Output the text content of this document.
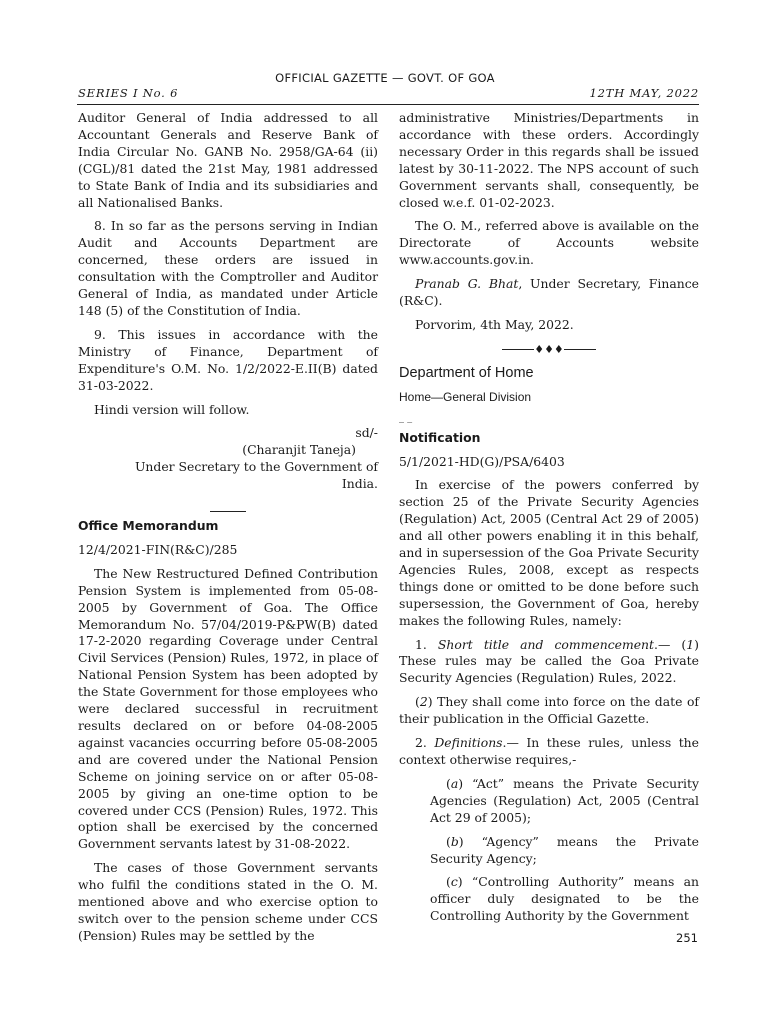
OFFICIAL GAZETTE — GOVT. OF GOA
SERIES I No. 6	12TH MAY, 2022

Auditor General of India addressed to all Accountant Generals and Reserve Bank of India Circular No. GANB No. 2958/GA-64 (ii) (CGL)/81 dated the 21st May, 1981 addressed to State Bank of India and its subsidiaries and all Nationalised Banks.

8. In so far as the persons serving in Indian Audit and Accounts Department are concerned, these orders are issued in consultation with the Comptroller and Auditor General of India, as mandated under Article 148 (5) of the Constitution of India.

9. This issues in accordance with the Ministry of Finance, Department of Expenditure's O.M. No. 1/2/2022-E.II(B) dated 31-03-2022.

Hindi version will follow.

sd/-

(Charanjit Taneja)

Under Secretary to the Government of India.

Office Memorandum

12/4/2021-FIN(R&C)/285

The New Restructured Defined Contribution Pension System is implemented from 05-08-2005 by Government of Goa. The Office Memorandum No. 57/04/2019-P&PW(B) dated 17-2-2020 regarding Coverage under Central Civil Services (Pension) Rules, 1972, in place of National Pension System has been adopted by the State Government for those employees who were declared successful in recruitment results declared on or before 04-08-2005 against vacancies occurring before 05-08-2005 and are covered under the National Pension Scheme on joining service on or after 05-08-2005 by giving an one-time option to be covered under CCS (Pension) Rules, 1972. This option shall be exercised by the concerned Government servants latest by 31-08-2022.

The cases of those Government servants who fulfil the conditions stated in the O. M. mentioned above and who exercise option to switch over to the pension scheme under CCS (Pension) Rules may be settled by the

administrative Ministries/Departments in accordance with these orders. Accordingly necessary Order in this regards shall be issued latest by 30-11-2022. The NPS account of such Government servants shall, consequently, be closed w.e.f. 01-02-2023.

The O. M., referred above is available on the Directorate of Accounts website www.accounts.gov.in.

Pranab G. Bhat, Under Secretary, Finance (R&C).

Porvorim, 4th May, 2022.

♦♦♦

Department of Home

Home—General Division

_ _

Notification

5/1/2021-HD(G)/PSA/6403

In exercise of the powers conferred by section 25 of the Private Security Agencies (Regulation) Act, 2005 (Central Act 29 of 2005) and all other powers enabling it in this behalf, and in supersession of the Goa Private Security Agencies Rules, 2008, except as respects things done or omitted to be done before such supersession, the Government of Goa, hereby makes the following Rules, namely:

1. Short title and commencement.— (1) These rules may be called the Goa Private Security Agencies (Regulation) Rules, 2022.

(2) They shall come into force on the date of their publication in the Official Gazette.

2. Definitions.— In these rules, unless the context otherwise requires,-

(a) “Act” means the Private Security Agencies (Regulation) Act, 2005 (Central Act 29 of 2005);

(b) “Agency” means the Private Security Agency;

(c) “Controlling Authority” means an officer duly designated to be the Controlling Authority by the Government

251
